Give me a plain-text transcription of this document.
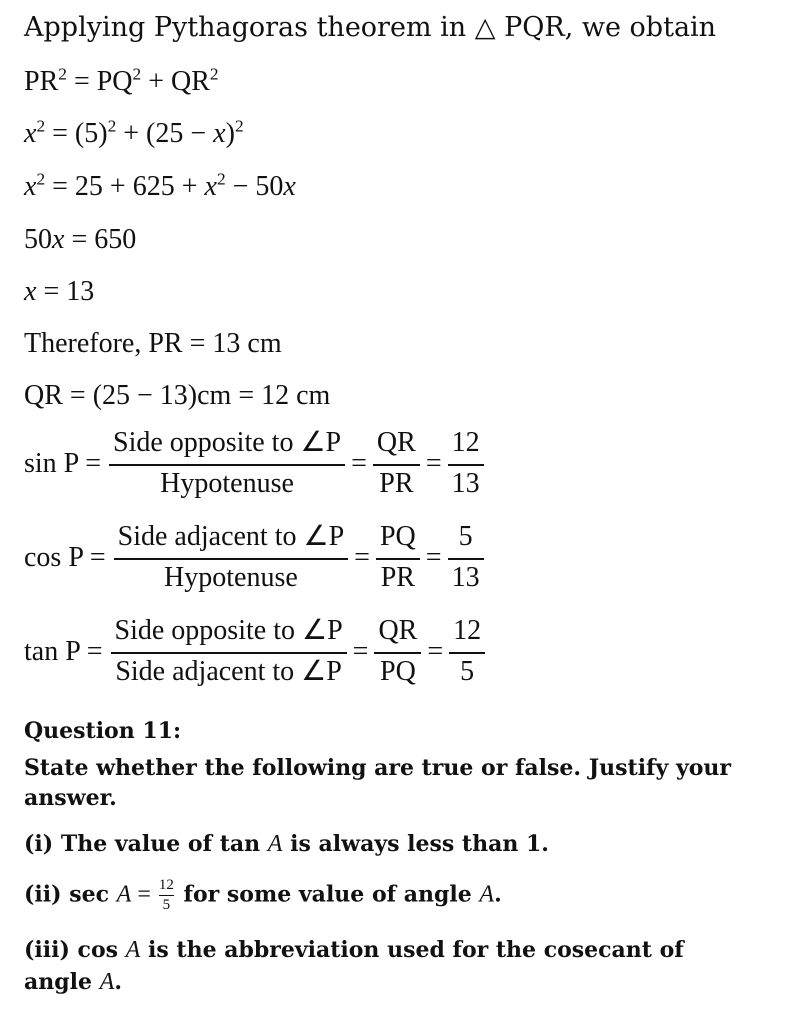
Applying Pythagoras theorem in △ PQR, we obtain
$PR^2 = PQ^2 + QR^2$
$x^2 = (5)^2 + (25 - x)^2$
$x^2 = 25 + 625 + x^2 - 50x$
50x = 650
x = 13
Therefore, PR = 13 cm
QR = (25 − 13)cm = 12 cm
$\sin P = \frac{\text{Side opposite to ∠P}}{\text{Hypotenuse}} = \frac{QR}{PR} = \frac{12}{13}$
$\cos P = \frac{\text{Side adjacent to ∠P}}{\text{Hypotenuse}} = \frac{PQ}{PR} = \frac{5}{13}$
$\tan P = \frac{\text{Side opposite to ∠P}}{\text{Side adjacent to ∠P}} = \frac{QR}{PQ} = \frac{12}{5}$
Question 11:
State whether the following are true or false. Justify your answer.
(i) The value of tan A is always less than 1.
(ii) $\sec A = \frac{12}{5}$ for some value of angle A.
(iii) cos A is the abbreviation used for the cosecant of angle A.
